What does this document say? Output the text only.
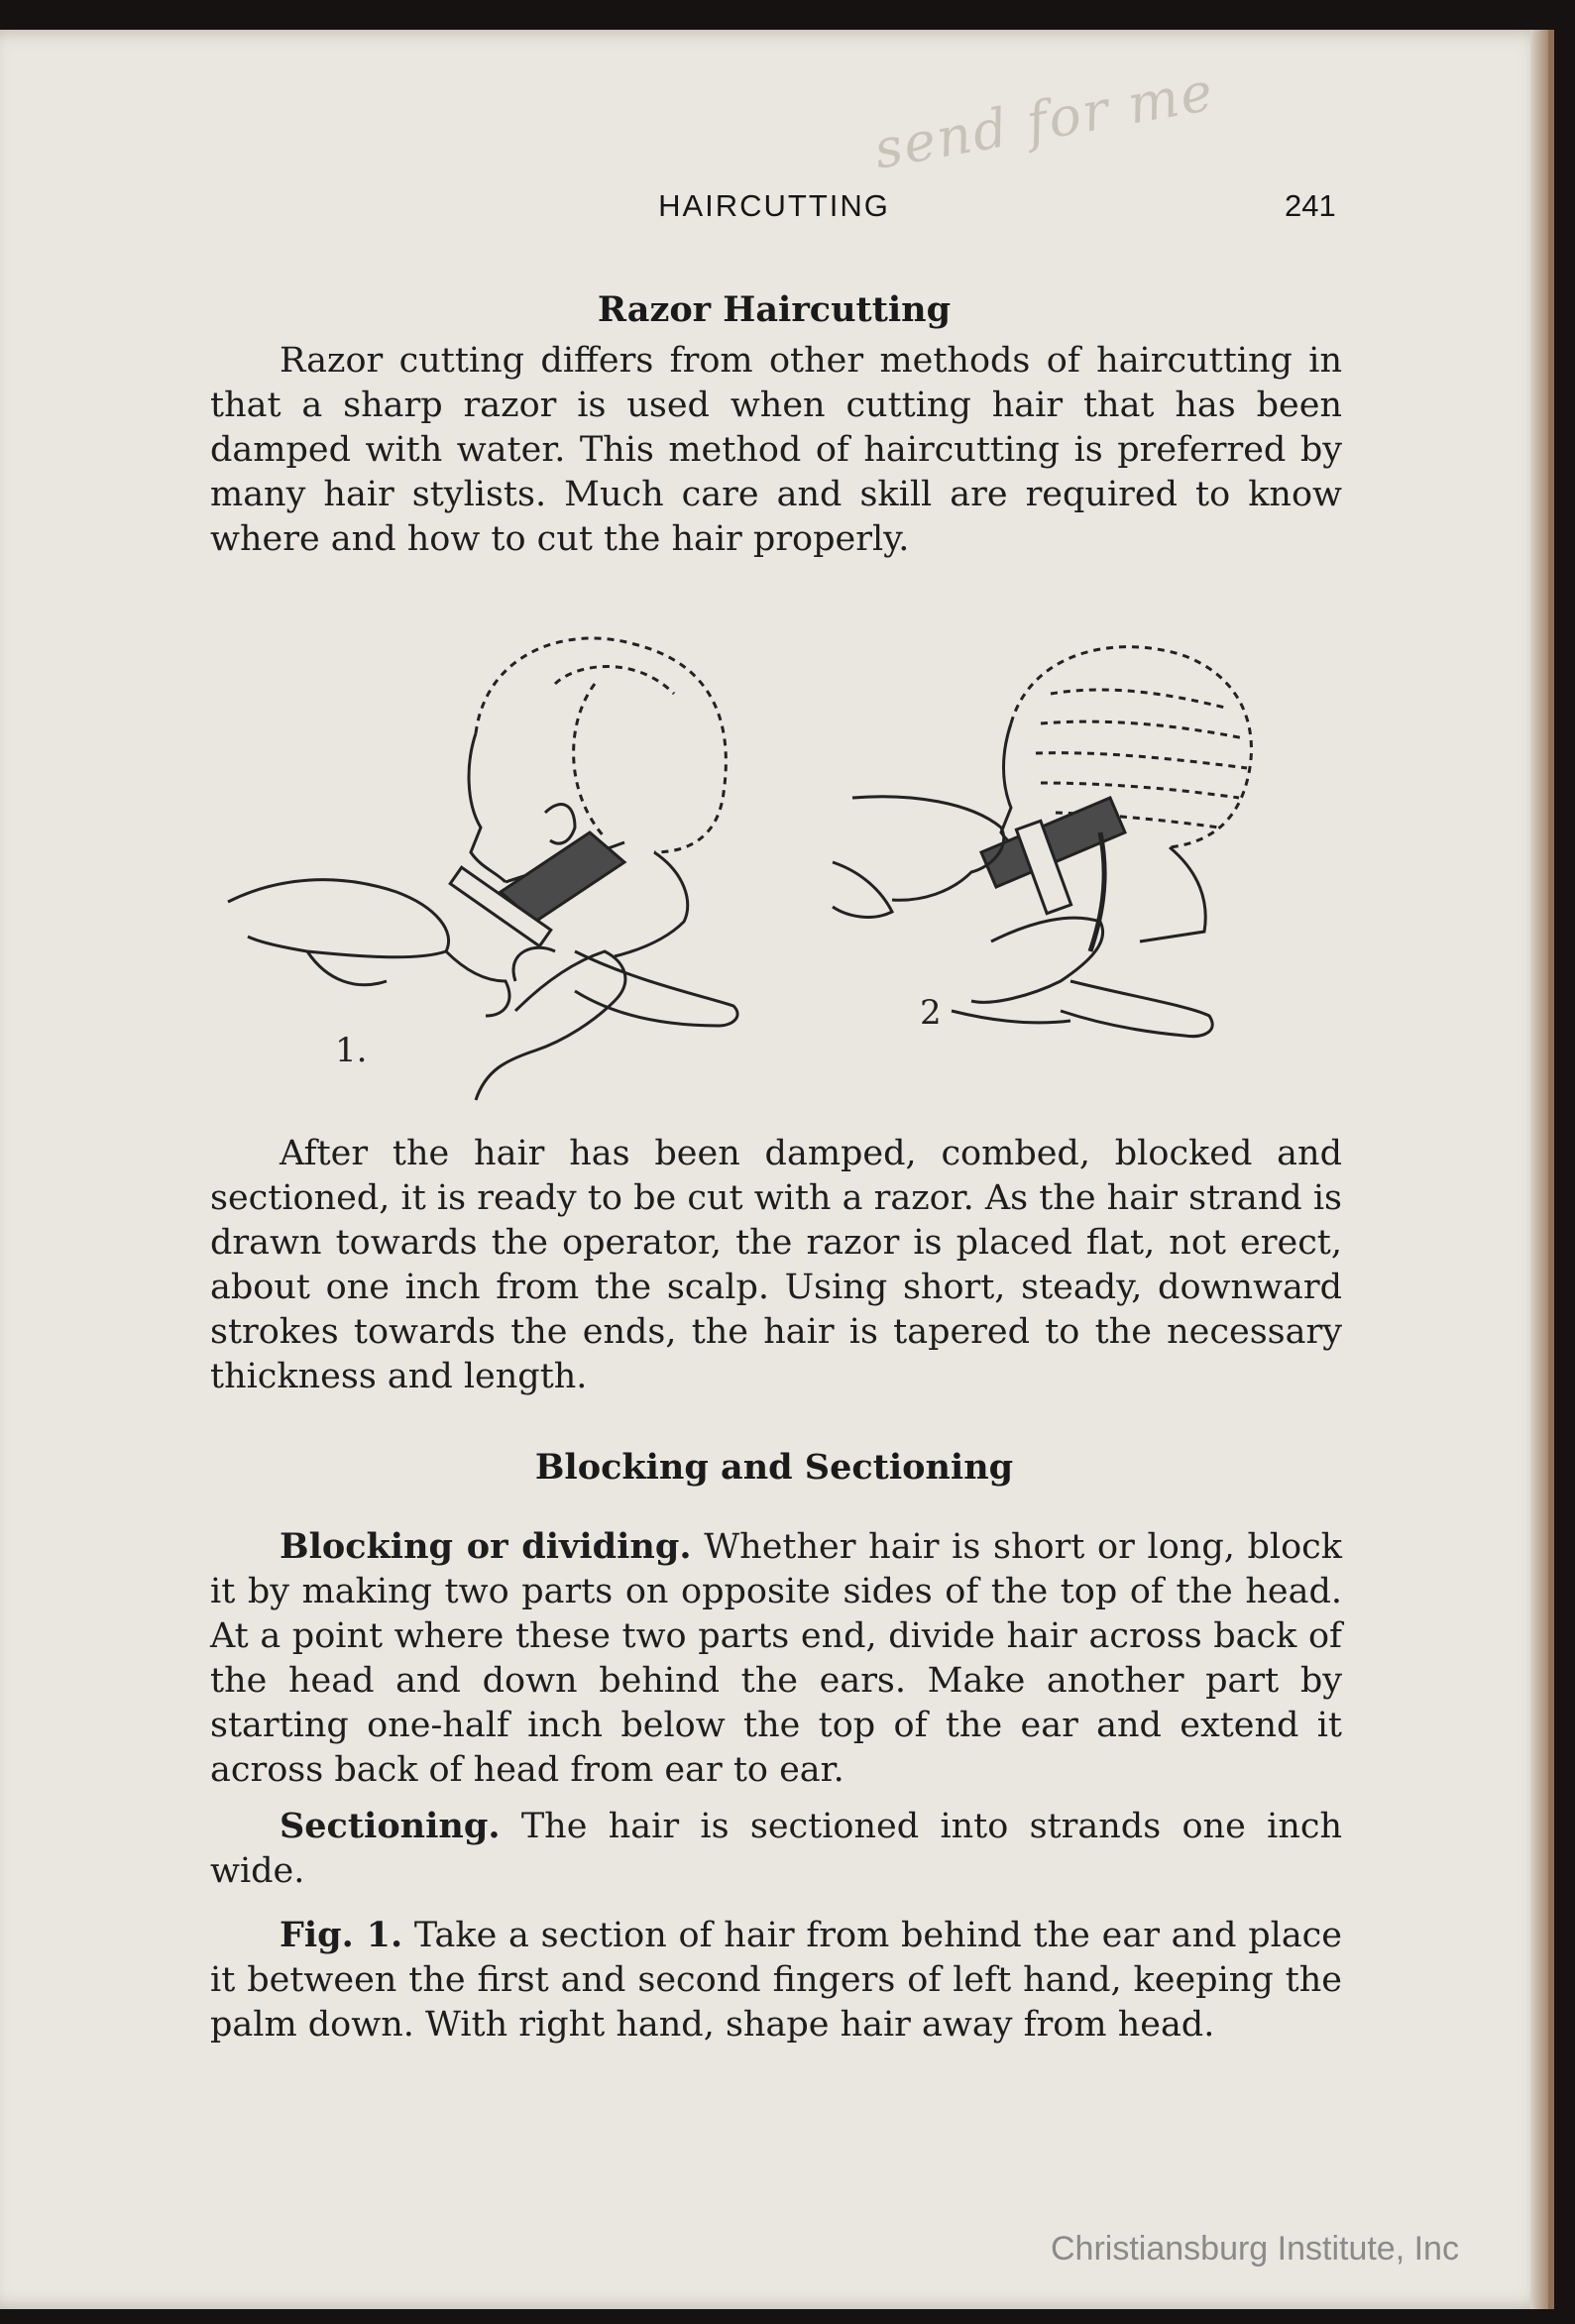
send for me
HAIRCUTTING	241
Razor Haircutting

Razor cutting differs from other methods of haircutting in that a sharp razor is used when cutting hair that has been damped with water. This method of haircutting is preferred by many hair stylists. Much care and skill are required to know where and how to cut the hair properly.

1.
2

After the hair has been damped, combed, blocked and sectioned, it is ready to be cut with a razor. As the hair strand is drawn towards the operator, the razor is placed flat, not erect, about one inch from the scalp. Using short, steady, downward strokes towards the ends, the hair is tapered to the necessary thickness and length.

Blocking and Sectioning

Blocking or dividing. Whether hair is short or long, block it by making two parts on opposite sides of the top of the head. At a point where these two parts end, divide hair across back of the head and down behind the ears. Make another part by starting one-half inch below the top of the ear and extend it across back of head from ear to ear.

Sectioning. The hair is sectioned into strands one inch wide.

Fig. 1. Take a section of hair from behind the ear and place it between the first and second fingers of left hand, keeping the palm down. With right hand, shape hair away from head.

Christiansburg Institute, Inc
